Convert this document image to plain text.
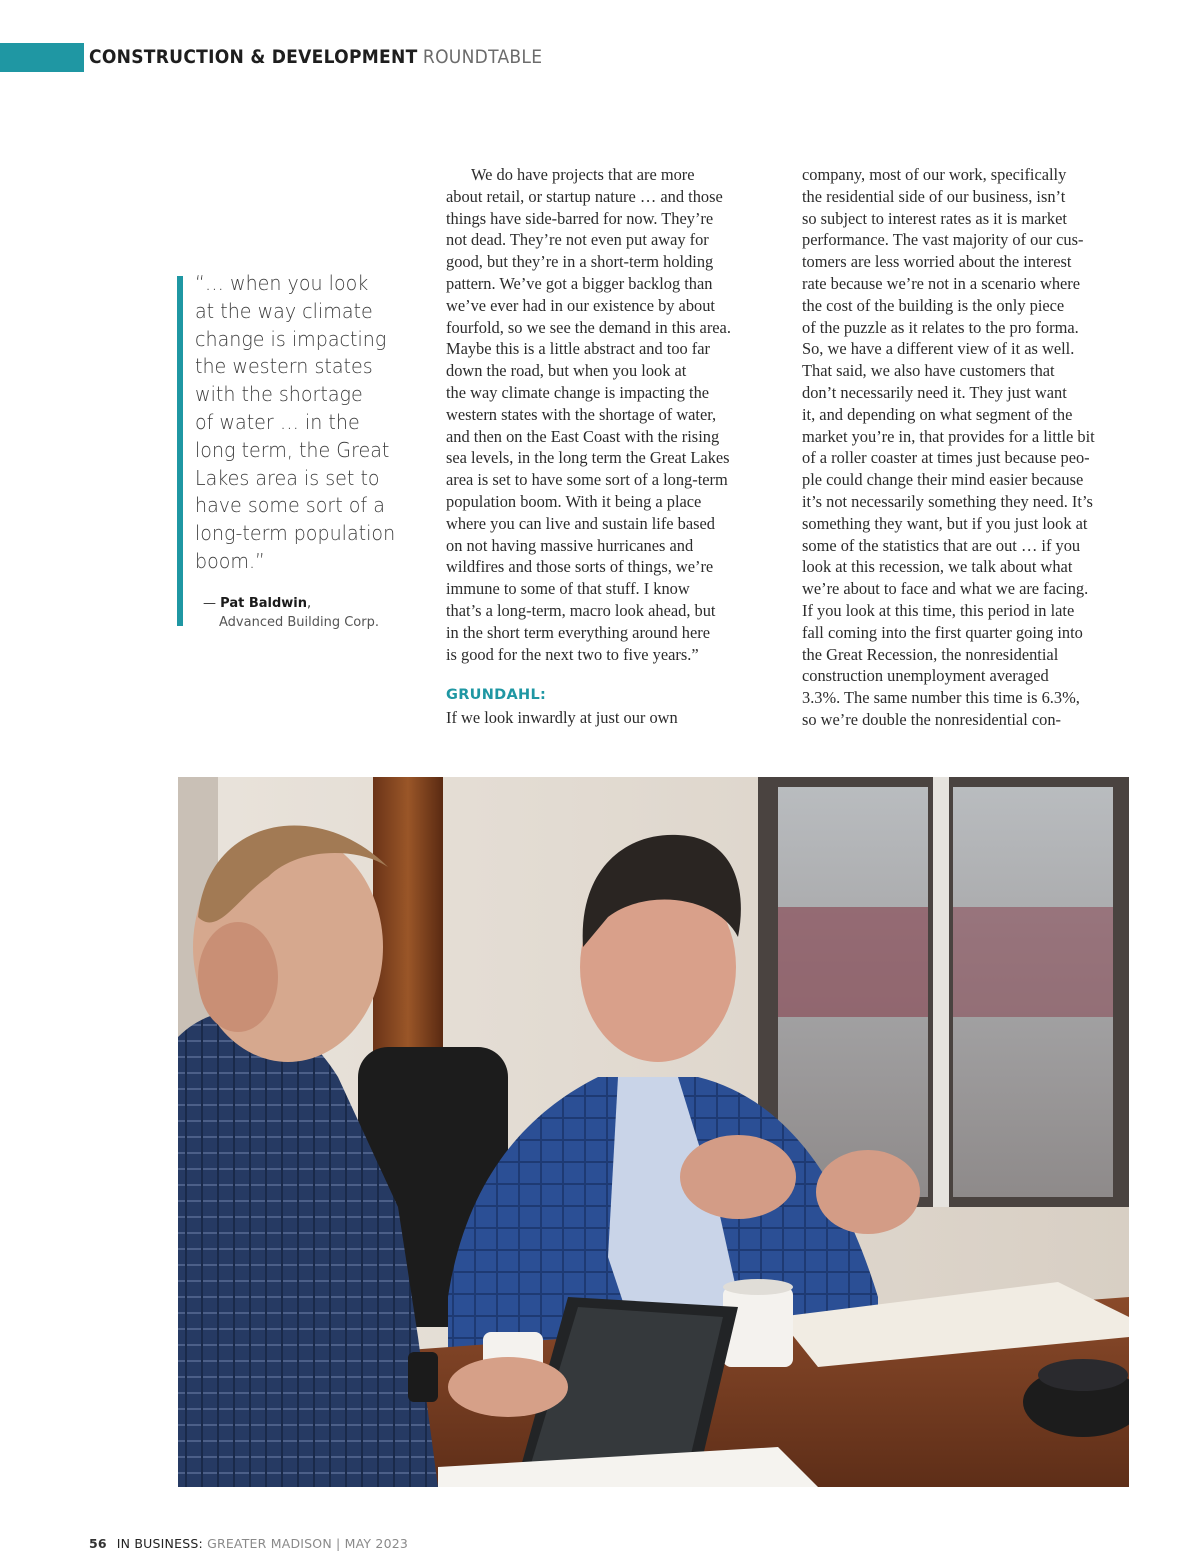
CONSTRUCTION & DEVELOPMENT ROUNDTABLE
“… when you look
at the way climate
change is impacting
the western states
with the shortage
of water … in the
long term, the Great
Lakes area is set to
have some sort of a
long-term population
boom.”
— Pat Baldwin,
Advanced Building Corp.
We do have projects that are more
about retail, or startup nature … and those
things have side-barred for now. They’re
not dead. They’re not even put away for
good, but they’re in a short-term holding
pattern. We’ve got a bigger backlog than
we’ve ever had in our existence by about
fourfold, so we see the demand in this area.
Maybe this is a little abstract and too far
down the road, but when you look at
the way climate change is impacting the
western states with the shortage of water,
and then on the East Coast with the rising
sea levels, in the long term the Great Lakes
area is set to have some sort of a long-term
population boom. With it being a place
where you can live and sustain life based
on not having massive hurricanes and
wildfires and those sorts of things, we’re
immune to some of that stuff. I know
that’s a long-term, macro look ahead, but
in the short term everything around here
is good for the next two to five years.”
GRUNDAHL:
If we look inwardly at just our own
company, most of our work, specifically
the residential side of our business, isn’t
so subject to interest rates as it is market
performance. The vast majority of our cus-
tomers are less worried about the interest
rate because we’re not in a scenario where
the cost of the building is the only piece
of the puzzle as it relates to the pro forma.
So, we have a different view of it as well.
That said, we also have customers that
don’t necessarily need it. They just want
it, and depending on what segment of the
market you’re in, that provides for a little bit
of a roller coaster at times just because peo-
ple could change their mind easier because
it’s not necessarily something they need. It’s
something they want, but if you just look at
some of the statistics that are out … if you
look at this recession, we talk about what
we’re about to face and what we are facing.
If you look at this time, this period in late
fall coming into the first quarter going into
the Great Recession, the nonresidential
construction unemployment averaged
3.3%. The same number this time is 6.3%,
so we’re double the nonresidential con-
56 IN BUSINESS: GREATER MADISON | MAY 2023
